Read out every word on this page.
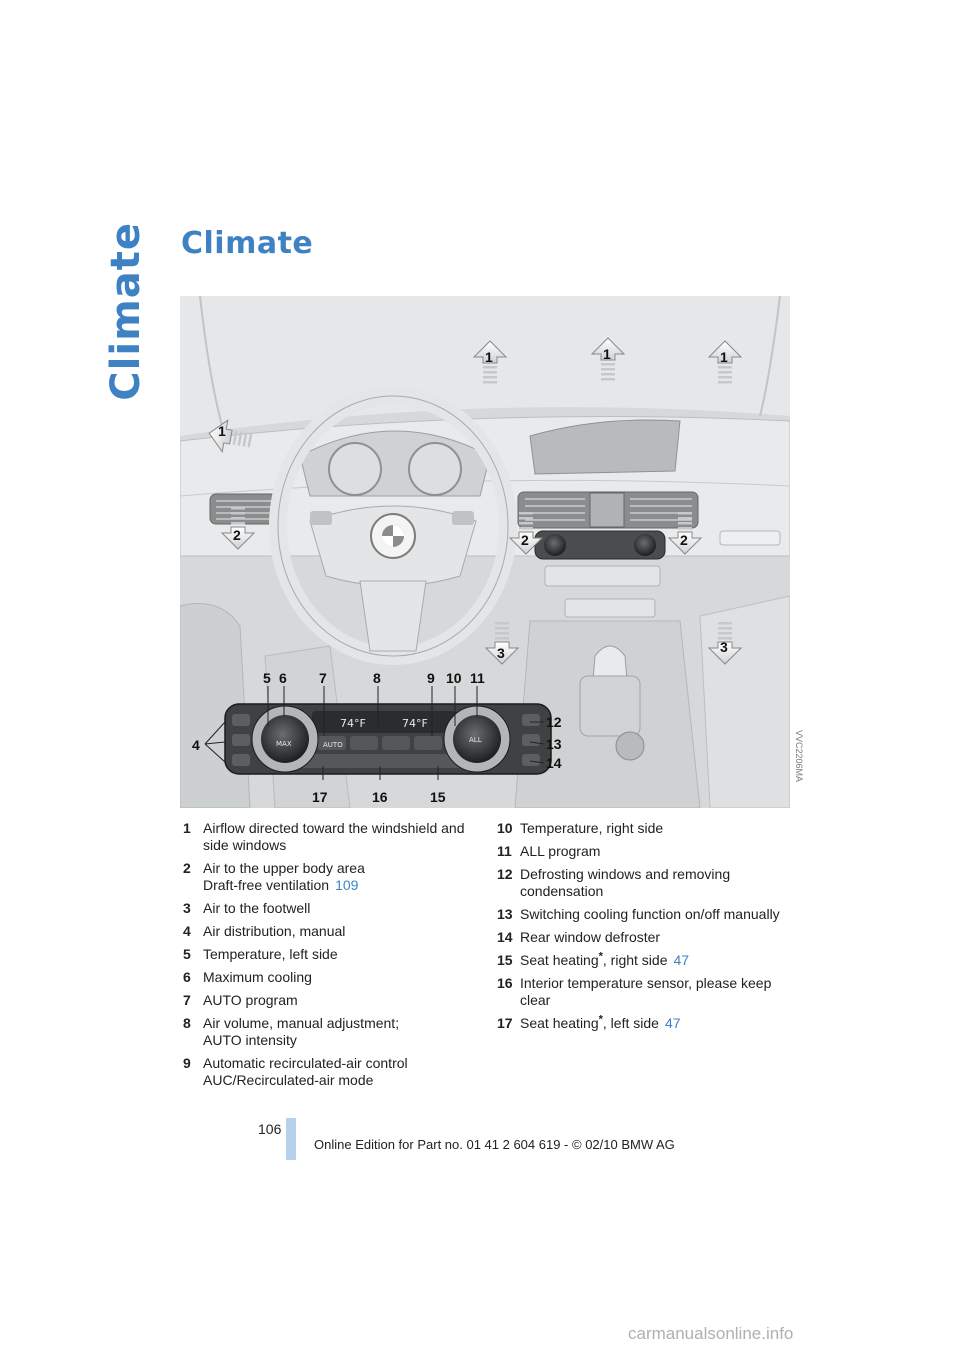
Climate Climate
74°F	74°F
AUTO
MAX	ALL
1	1	1
1
2	2	2
3	3
4
5 6 7	8	9 10 11
12
13
14
15
16
17
VVC2206MA
1 Airflow directed toward the windshield and
side windows
2 Air to the upper body area
Draft-free ventilation 109
3 Air to the footwell
4 Air distribution, manual
5 Temperature, left side
6 Maximum cooling
7 AUTO program
8 Air volume, manual adjustment;
AUTO intensity
9 Automatic recirculated-air control
AUC/Recirculated-air mode
10 Temperature, right side
11 ALL program
12 Defrosting windows and removing
condensation
13 Switching cooling function on/off manually
14 Rear window defroster
15 Seat heating*, right side 47
16 Interior temperature sensor, please keep
clear
17 Seat heating*, left side 47
106
Online Edition for Part no. 01 41 2 604 619 - © 02/10 BMW AG
carmanualsonline.info
